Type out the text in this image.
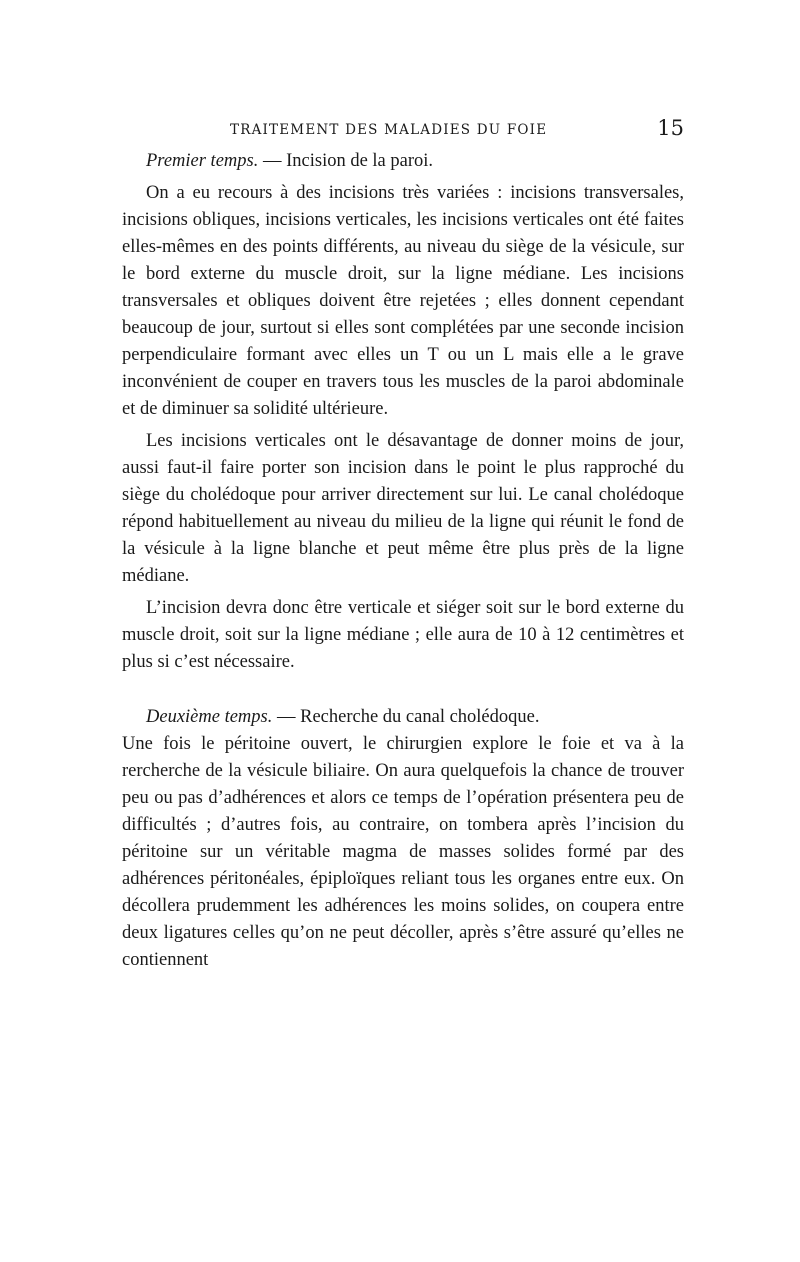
TRAITEMENT DES MALADIES DU FOIE	15

Premier temps. — Incision de la paroi.

On a eu recours à des incisions très variées : incisions transversales, incisions obliques, incisions verticales, les incisions verticales ont été faites elles-mêmes en des points différents, au niveau du siège de la vésicule, sur le bord externe du muscle droit, sur la ligne médiane. Les incisions transversales et obliques doivent être rejetées ; elles donnent cependant beaucoup de jour, surtout si elles sont complétées par une seconde incision perpendiculaire formant avec elles un T ou un L mais elle a le grave inconvénient de couper en travers tous les muscles de la paroi abdominale et de diminuer sa solidité ultérieure.

Les incisions verticales ont le désavantage de donner moins de jour, aussi faut-il faire porter son incision dans le point le plus rapproché du siège du cholédoque pour arriver directement sur lui. Le canal cholédoque répond habituellement au niveau du milieu de la ligne qui réunit le fond de la vésicule à la ligne blanche et peut même être plus près de la ligne médiane.

L’incision devra donc être verticale et siéger soit sur le bord externe du muscle droit, soit sur la ligne médiane ; elle aura de 10 à 12 centimètres et plus si c’est nécessaire.

Deuxième temps. — Recherche du canal cholédoque.

Une fois le péritoine ouvert, le chirurgien explore le foie et va à la rercherche de la vésicule biliaire. On aura quelquefois la chance de trouver peu ou pas d’adhérences et alors ce temps de l’opération présentera peu de difficultés ; d’autres fois, au contraire, on tombera après l’incision du péritoine sur un véritable magma de masses solides formé par des adhérences péritonéales, épiploïques reliant tous les organes entre eux. On décollera prudemment les adhérences les moins solides, on coupera entre deux ligatures celles qu’on ne peut décoller, après s’être assuré qu’elles ne contiennent
